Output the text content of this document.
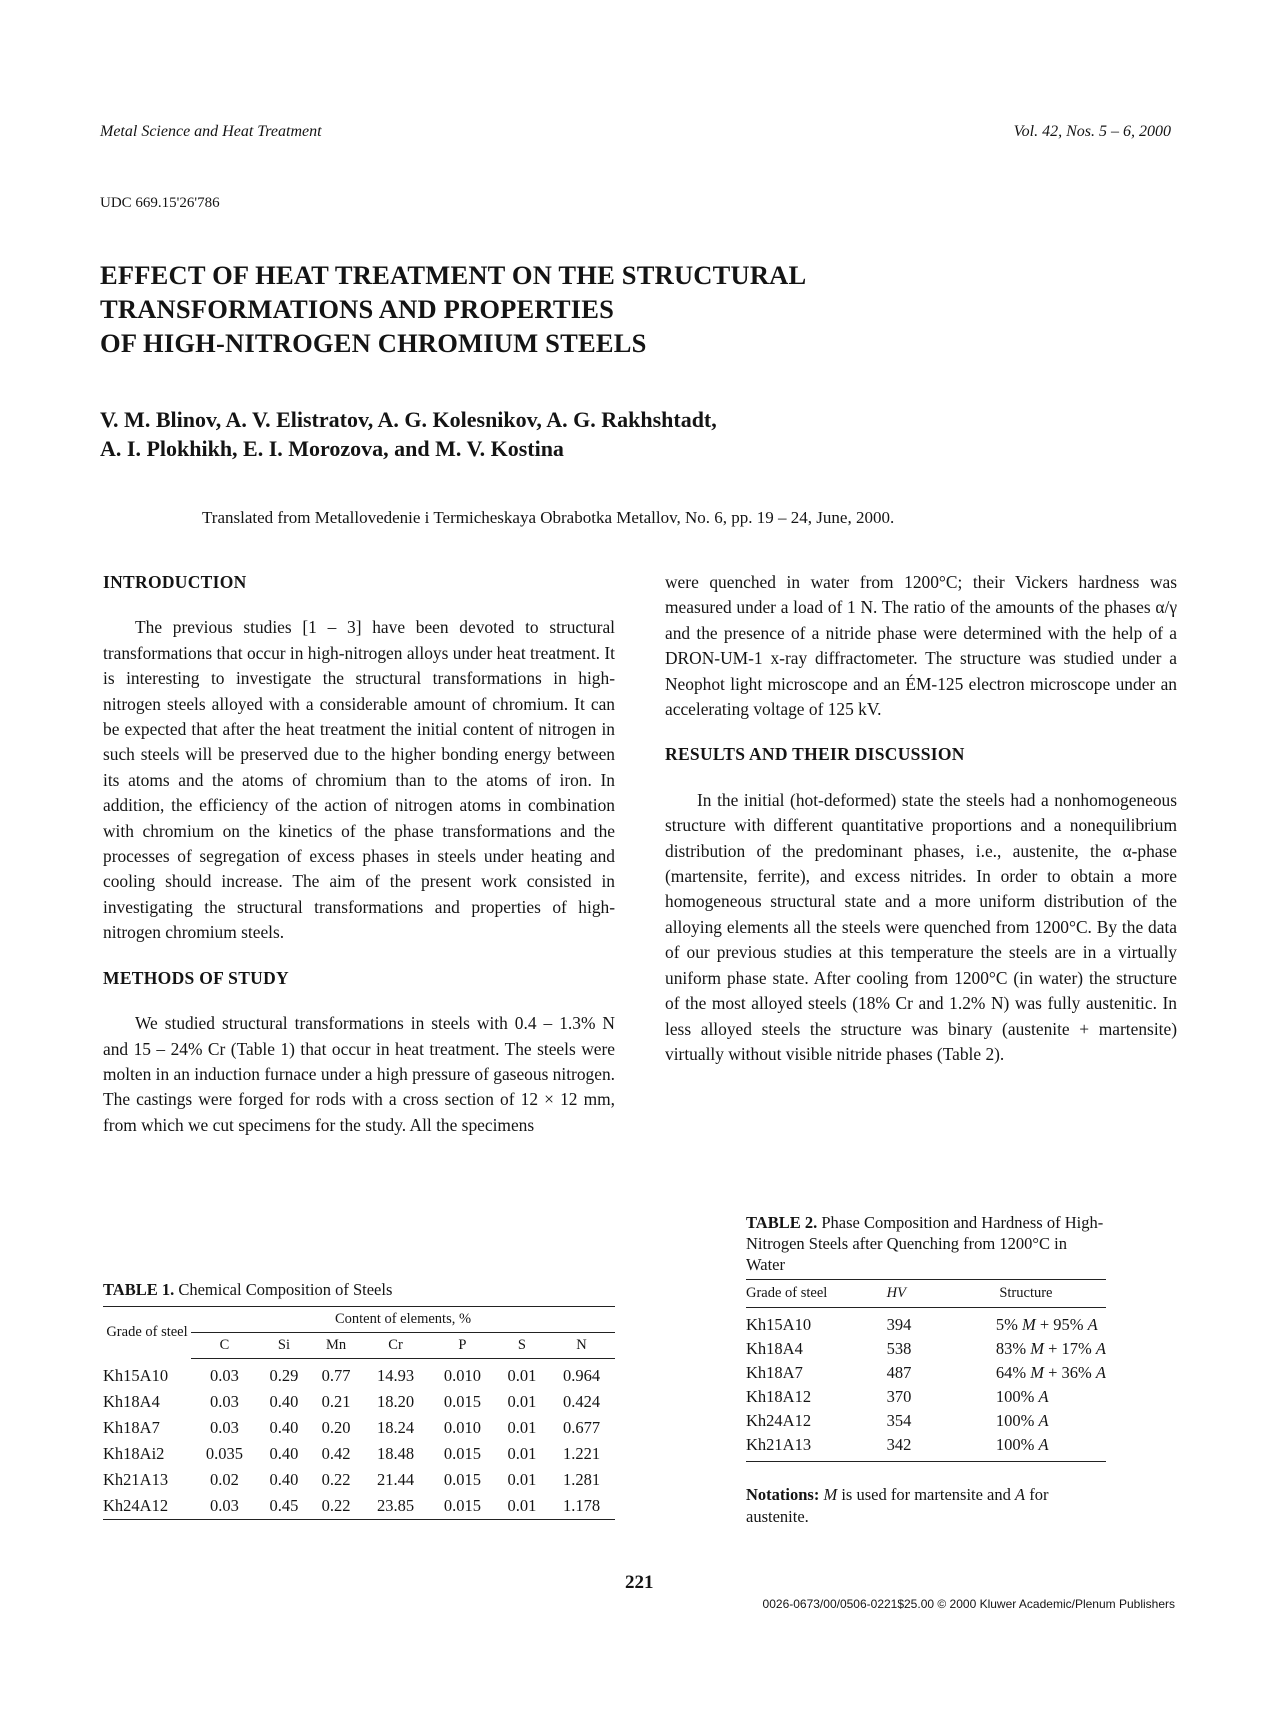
Metal Science and Heat Treatment	Vol. 42, Nos. 5 – 6, 2000
UDC 669.15'26'786
EFFECT OF HEAT TREATMENT ON THE STRUCTURAL
TRANSFORMATIONS AND PROPERTIES
OF HIGH-NITROGEN CHROMIUM STEELS
V. M. Blinov, A. V. Elistratov, A. G. Kolesnikov, A. G. Rakhshtadt,
A. I. Plokhikh, E. I. Morozova, and M. V. Kostina
Translated from Metallovedenie i Termicheskaya Obrabotka Metallov, No. 6, pp. 19 – 24, June, 2000.
INTRODUCTION

The previous studies [1 – 3] have been devoted to structural transformations that occur in high-nitrogen alloys under heat treatment. It is interesting to investigate the structural transformations in high-nitrogen steels alloyed with a considerable amount of chromium. It can be expected that after the heat treatment the initial content of nitrogen in such steels will be preserved due to the higher bonding energy between its atoms and the atoms of chromium than to the atoms of iron. In addition, the efficiency of the action of nitrogen atoms in combination with chromium on the kinetics of the phase transformations and the processes of segregation of excess phases in steels under heating and cooling should increase. The aim of the present work consisted in investigating the structural transformations and properties of high-nitrogen chromium steels.

METHODS OF STUDY

We studied structural transformations in steels with 0.4 – 1.3% N and 15 – 24% Cr (Table 1) that occur in heat treatment. The steels were molten in an induction furnace under a high pressure of gaseous nitrogen. The castings were forged for rods with a cross section of 12 × 12 mm, from which we cut specimens for the study. All the specimens

were quenched in water from 1200°C; their Vickers hardness was measured under a load of 1 N. The ratio of the amounts of the phases α/γ and the presence of a nitride phase were determined with the help of a DRON-UM-1 x-ray diffractometer. The structure was studied under a Neophot light microscope and an ÉM-125 electron microscope under an accelerating voltage of 125 kV.

RESULTS AND THEIR DISCUSSION

In the initial (hot-deformed) state the steels had a nonhomogeneous structure with different quantitative proportions and a nonequilibrium distribution of the predominant phases, i.e., austenite, the α-phase (martensite, ferrite), and excess nitrides. In order to obtain a more homogeneous structural state and a more uniform distribution of the alloying elements all the steels were quenched from 1200°C. By the data of our previous studies at this temperature the steels are in a virtually uniform phase state. After cooling from 1200°C (in water) the structure of the most alloyed steels (18% Cr and 1.2% N) was fully austenitic. In less alloyed steels the structure was binary (austenite + martensite) virtually without visible nitride phases (Table 2).

TABLE 1. Chemical Composition of Steels
Grade of steel	Content of elements, %						
	C	Si	Mn	Cr	P	S	N
Kh15A10	0.03	0.29	0.77	14.93	0.010	0.01	0.964
Kh18A4	0.03	0.40	0.21	18.20	0.015	0.01	0.424
Kh18A7	0.03	0.40	0.20	18.24	0.010	0.01	0.677
Kh18Ai2	0.035	0.40	0.42	18.48	0.015	0.01	1.221
Kh21A13	0.02	0.40	0.22	21.44	0.015	0.01	1.281
Kh24A12	0.03	0.45	0.22	23.85	0.015	0.01	1.178
TABLE 2. Phase Composition and Hardness of High-Nitrogen Steels after Quenching from 1200°C in Water
Grade of steel	HV	Structure
Kh15A10	394	5% M + 95% A
Kh18A4	538	83% M + 17% A
Kh18A7	487	64% M + 36% A
Kh18A12	370	100% A
Kh24A12	354	100% A
Kh21A13	342	100% A
Notations: M is used for martensite and A for austenite.
221
0026-0673/00/0506-0221$25.00 © 2000 Kluwer Academic/Plenum Publishers
